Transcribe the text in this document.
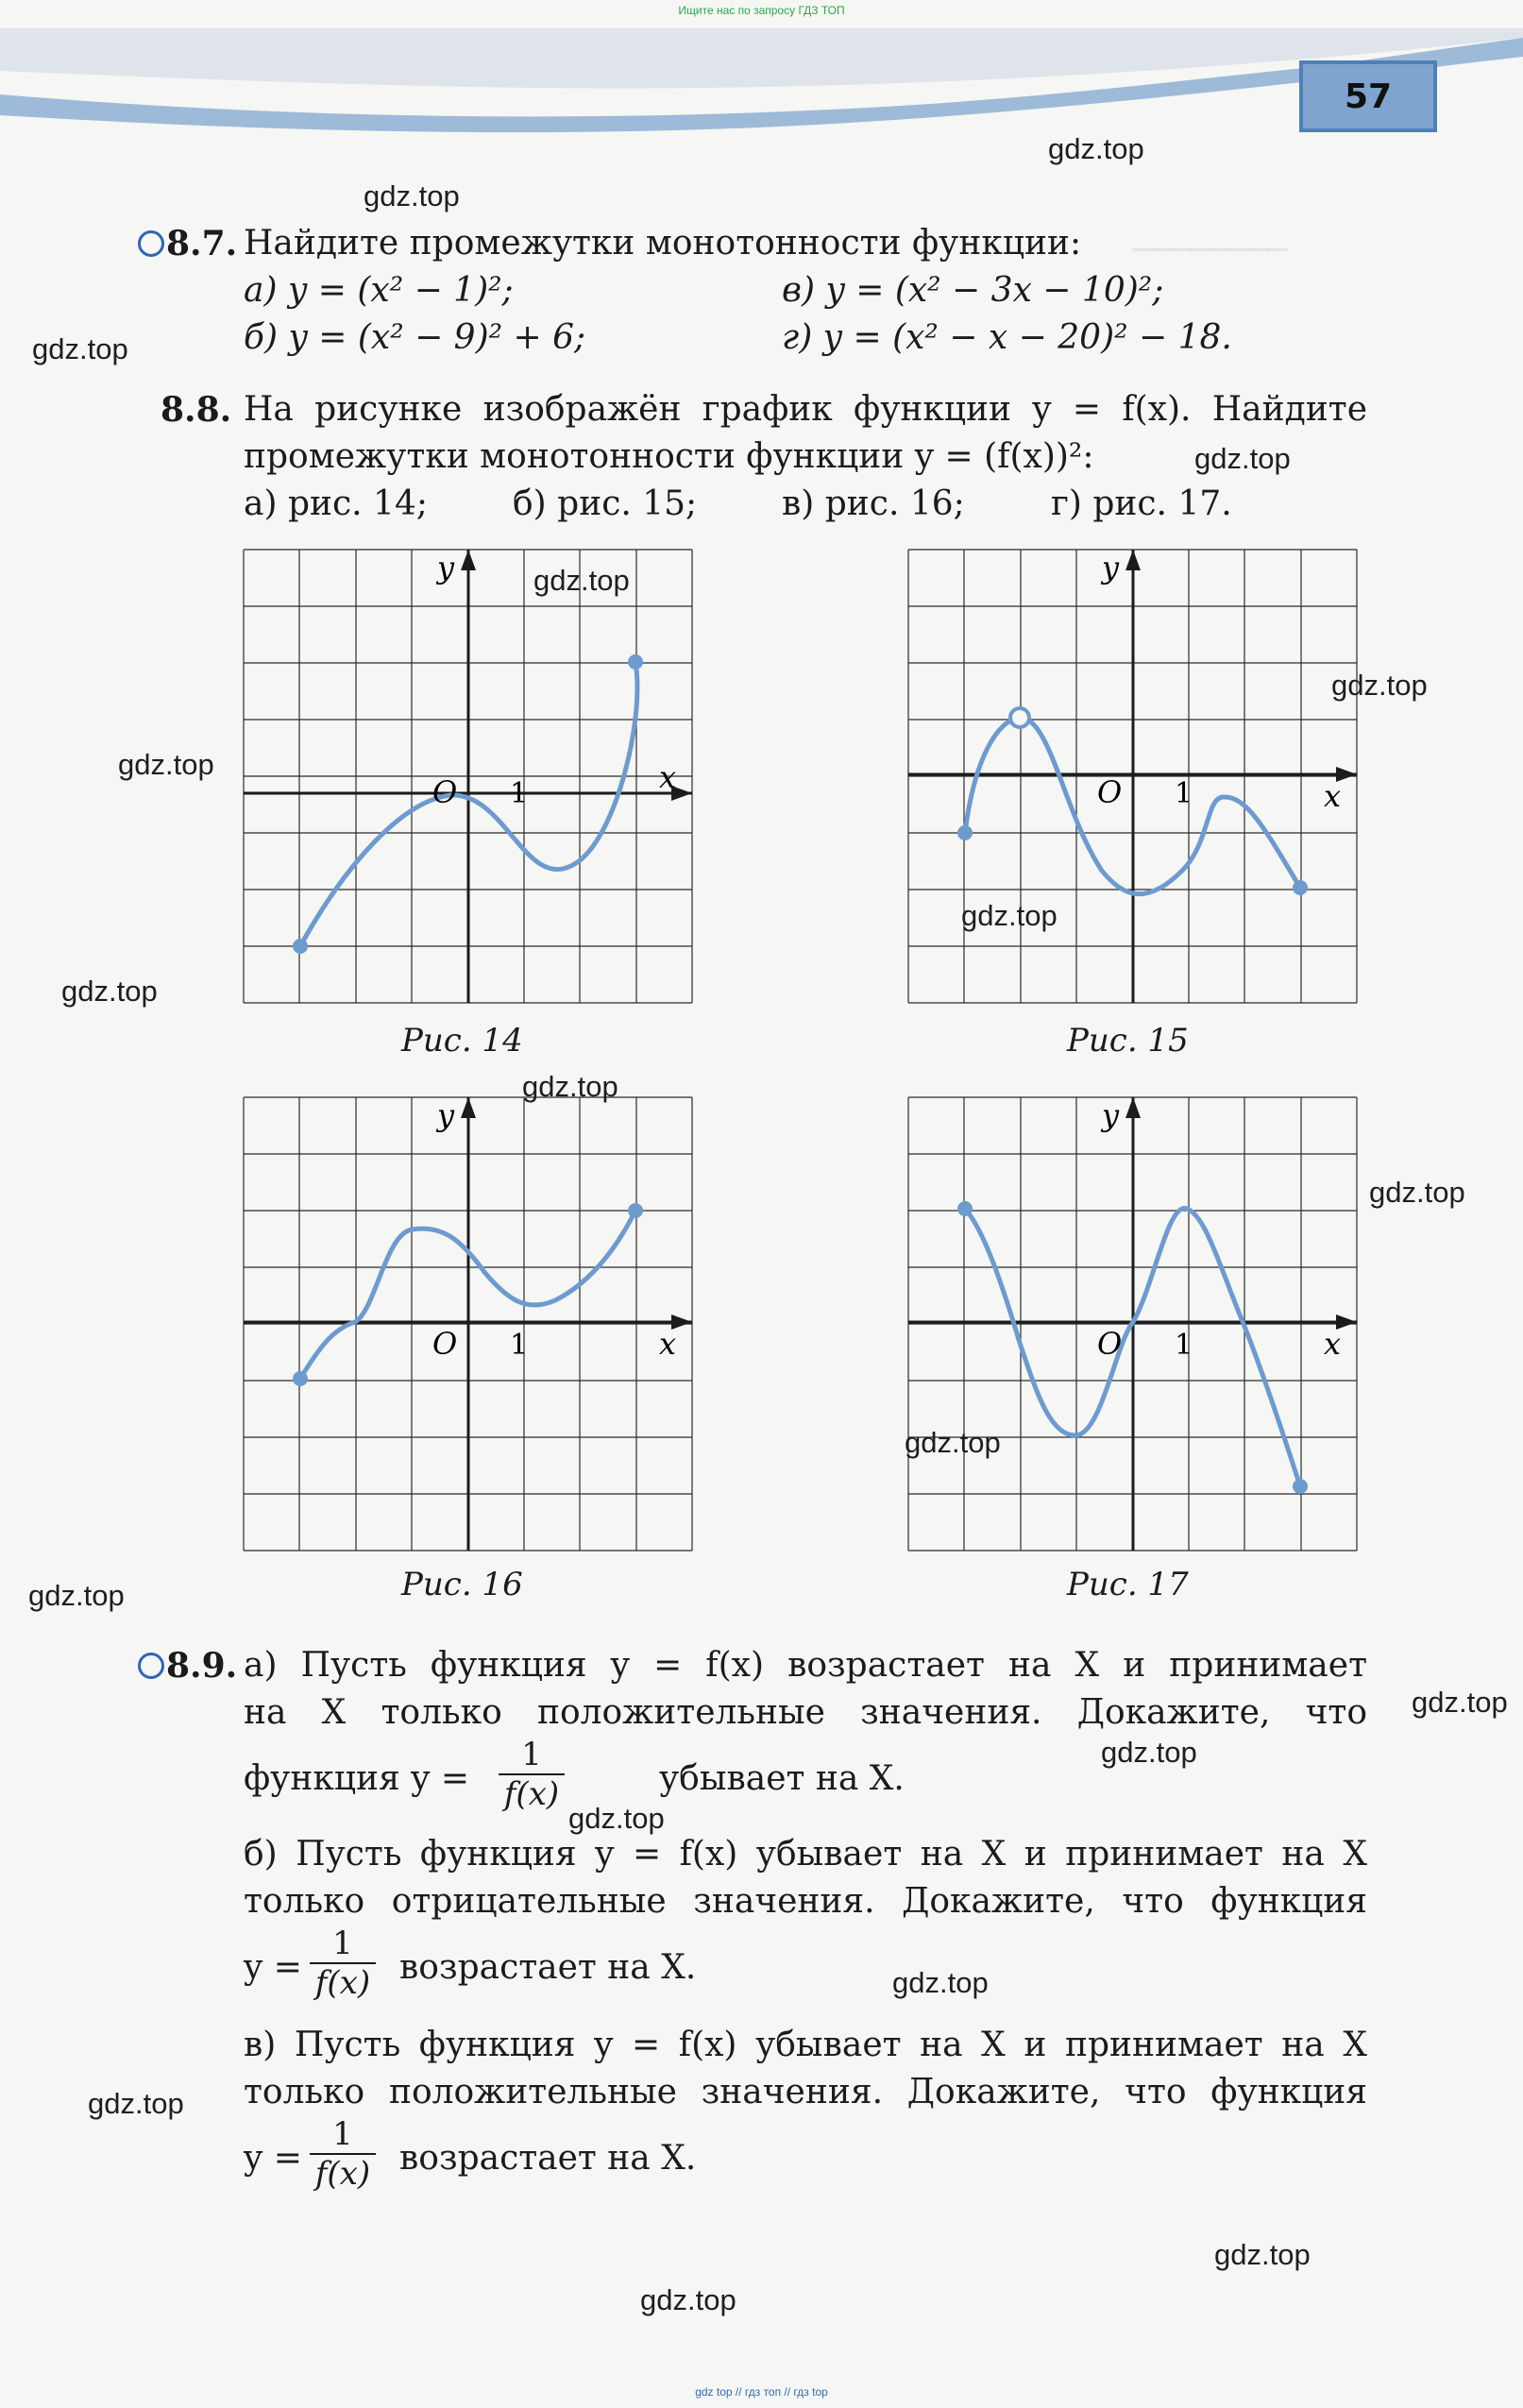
Ищите нас по запросу ГДЗ ТОП
57
────────
8.7. Найдите промежутки монотонности функции:
а) y = (x² − 1)²;	в) y = (x² − 3x − 10)²;
б) y = (x² − 9)² + 6;	г) y = (x² − x − 20)² − 18.
8.8. На рисунке изображён график функции y = f(x). Найдите
промежутки монотонности функции y = (f(x))²:
а) рис. 14;	б) рис. 15; в) рис. 16;	г) рис. 17.
y
x
O 1
Рис. 14
y
x
O 1
Рис. 15
y
x
O 1
Рис. 16
y
x
O 1
Рис. 17
8.9. а) Пусть функция y = f(x) возрастает на X и принимает
на X только положительные значения. Докажите, что
функция y =	убывает на X.
$\frac{1}{f(x)}$
б) Пусть функция y = f(x) убывает на X и принимает на X
только отрицательные значения. Докажите, что функция
y =	возрастает на X.
$\frac{1}{f(x)}$
в) Пусть функция y = f(x) убывает на X и принимает на X
только положительные значения. Докажите, что функция
y =	возрастает на X.
$\frac{1}{f(x)}$
gdz.top
gdz.top
gdz.top
gdz.top
gdz.top
gdz.top
gdz.top
gdz.top
gdz.top
gdz.top
gdz.top
gdz.top
gdz.top
gdz.top
gdz.top
gdz.top
gdz.top
gdz.top
gdz.top
gdz.top
gdz top // гдз топ // гдз top
